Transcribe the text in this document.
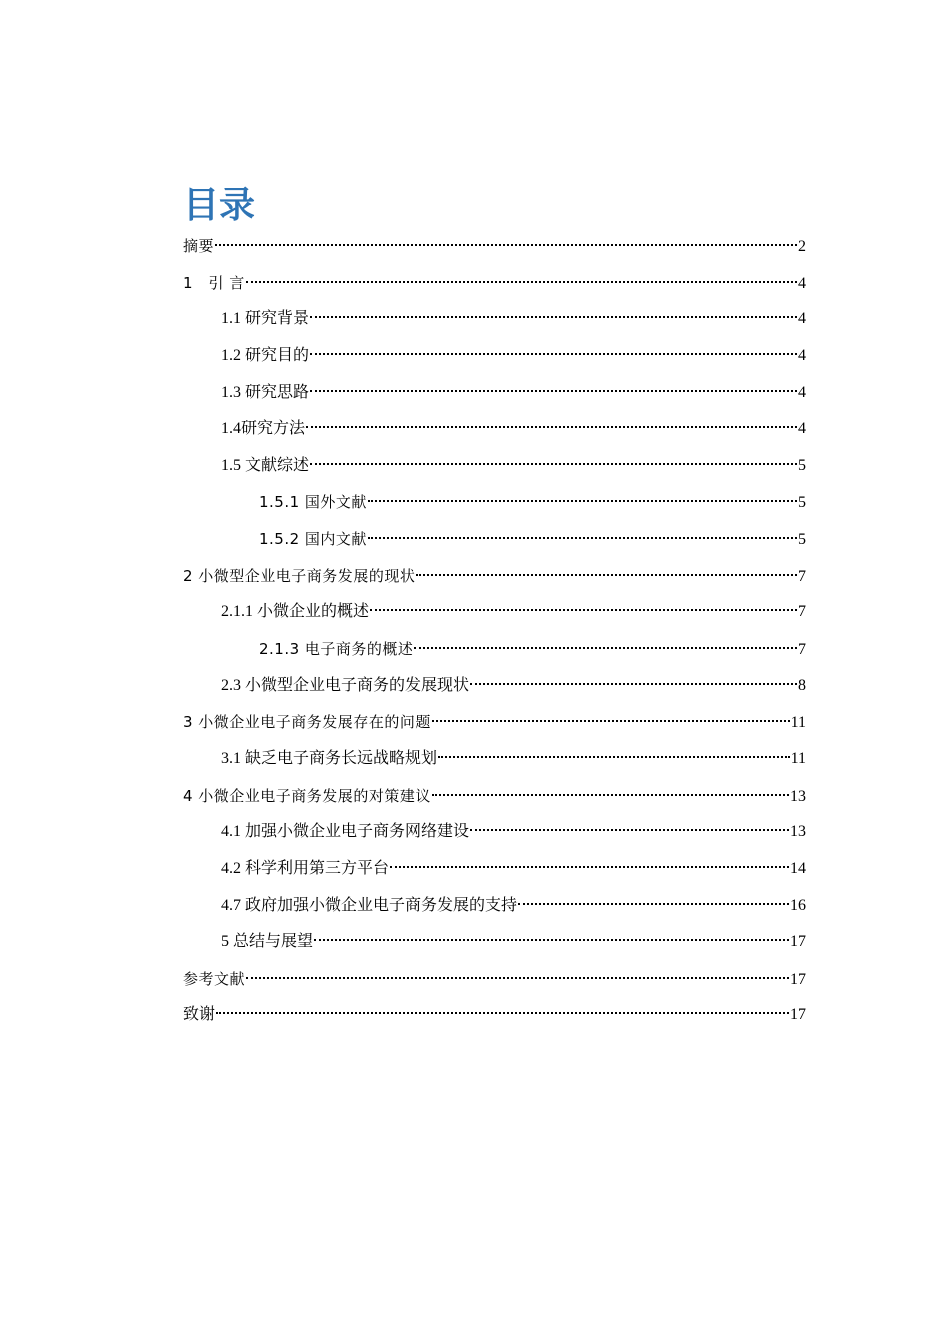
目录
摘要	2
1　引 言	4
1.1 研究背景	4
1.2 研究目的	4
1.3 研究思路	4
1.4研究方法	4
1.5 文献综述	5
1.5.1 国外文献	5
1.5.2 国内文献	5
2 小微型企业电子商务发展的现状	7
2.1.1 小微企业的概述	7
2.1.3 电子商务的概述	7
2.3 小微型企业电子商务的发展现状	8
3 小微企业电子商务发展存在的问题	11
3.1 缺乏电子商务长远战略规划	11
4 小微企业电子商务发展的对策建议	13
4.1 加强小微企业电子商务网络建设	13
4.2 科学利用第三方平台	14
4.7 政府加强小微企业电子商务发展的支持	16
5 总结与展望	17
参考文献	17
致谢	17
